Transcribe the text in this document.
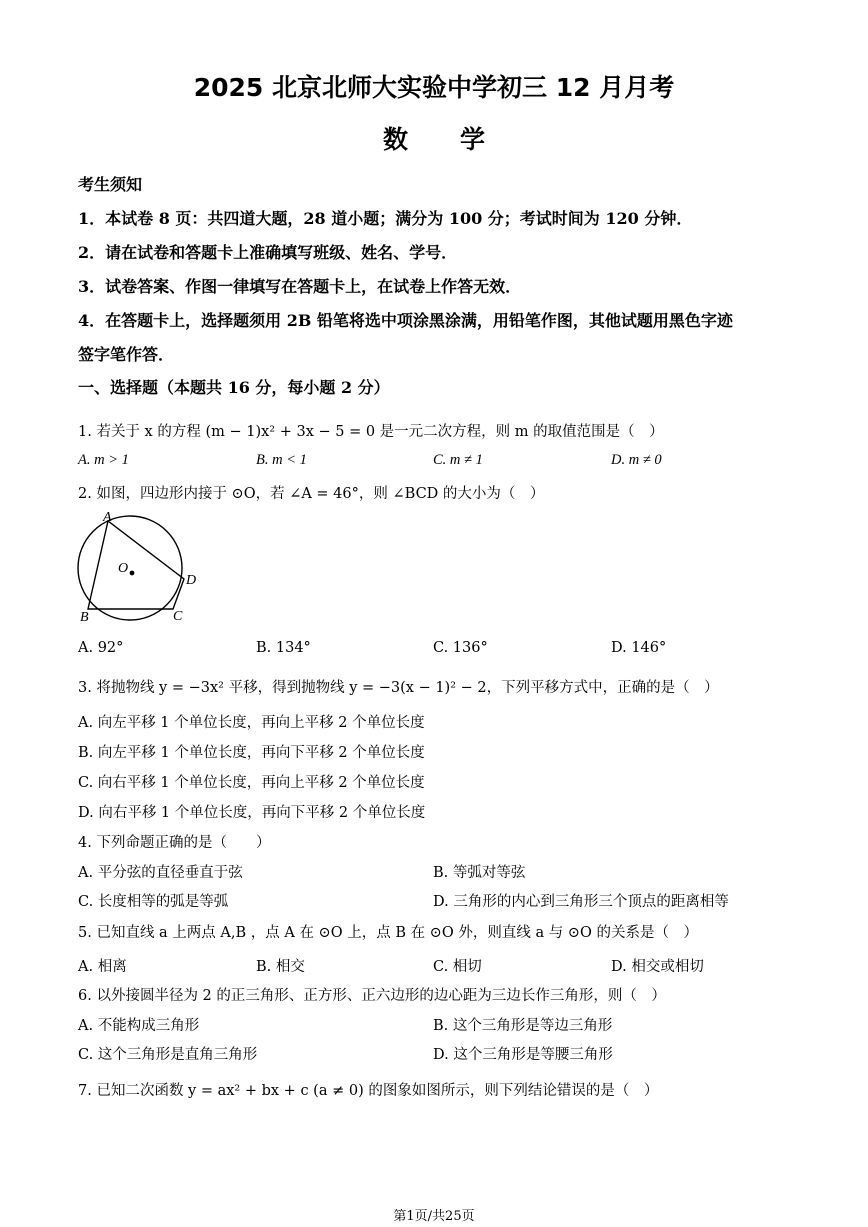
2025 北京北师大实验中学初三 12 月月考
数学
考生须知
1．本试卷 8 页：共四道大题，28 道小题；满分为 100 分；考试时间为 120 分钟．
2．请在试卷和答题卡上准确填写班级、姓名、学号．
3．试卷答案、作图一律填写在答题卡上，在试卷上作答无效．
4．在答题卡上，选择题须用 2B 铅笔将选中项涂黑涂满，用铅笔作图，其他试题用黑色字迹
签字笔作答．
一、选择题（本题共 16 分，每小题 2 分）
1. 若关于 x 的方程 (m − 1)x² + 3x − 5 = 0 是一元二次方程，则 m 的取值范围是（　）
A. m > 1	B. m < 1	C. m ≠ 1	D. m ≠ 0
2. 如图，四边形内接于 ⊙O，若 ∠A = 46°，则 ∠BCD 的大小为（　）
A
B	C
D
O
A. 92°	B. 134°	C. 136°	D. 146°
3. 将抛物线 y = −3x² 平移，得到抛物线 y = −3(x − 1)² − 2，下列平移方式中，正确的是（　）
A. 向左平移 1 个单位长度，再向上平移 2 个单位长度
B. 向左平移 1 个单位长度，再向下平移 2 个单位长度
C. 向右平移 1 个单位长度，再向上平移 2 个单位长度
D. 向右平移 1 个单位长度，再向下平移 2 个单位长度
4. 下列命题正确的是（　　）
A. 平分弦的直径垂直于弦	B. 等弧对等弦
C. 长度相等的弧是等弧	D. 三角形的内心到三角形三个顶点的距离相等
5. 已知直线 a 上两点 A,B ，点 A 在 ⊙O 上，点 B 在 ⊙O 外，则直线 a 与 ⊙O 的关系是（　）
A. 相离	B. 相交	C. 相切	D. 相交或相切
6. 以外接圆半径为 2 的正三角形、正方形、正六边形的边心距为三边长作三角形，则（　）
A. 不能构成三角形	B. 这个三角形是等边三角形
C. 这个三角形是直角三角形	D. 这个三角形是等腰三角形
7. 已知二次函数 y = ax² + bx + c (a ≠ 0) 的图象如图所示，则下列结论错误的是（　）
第1页/共25页
